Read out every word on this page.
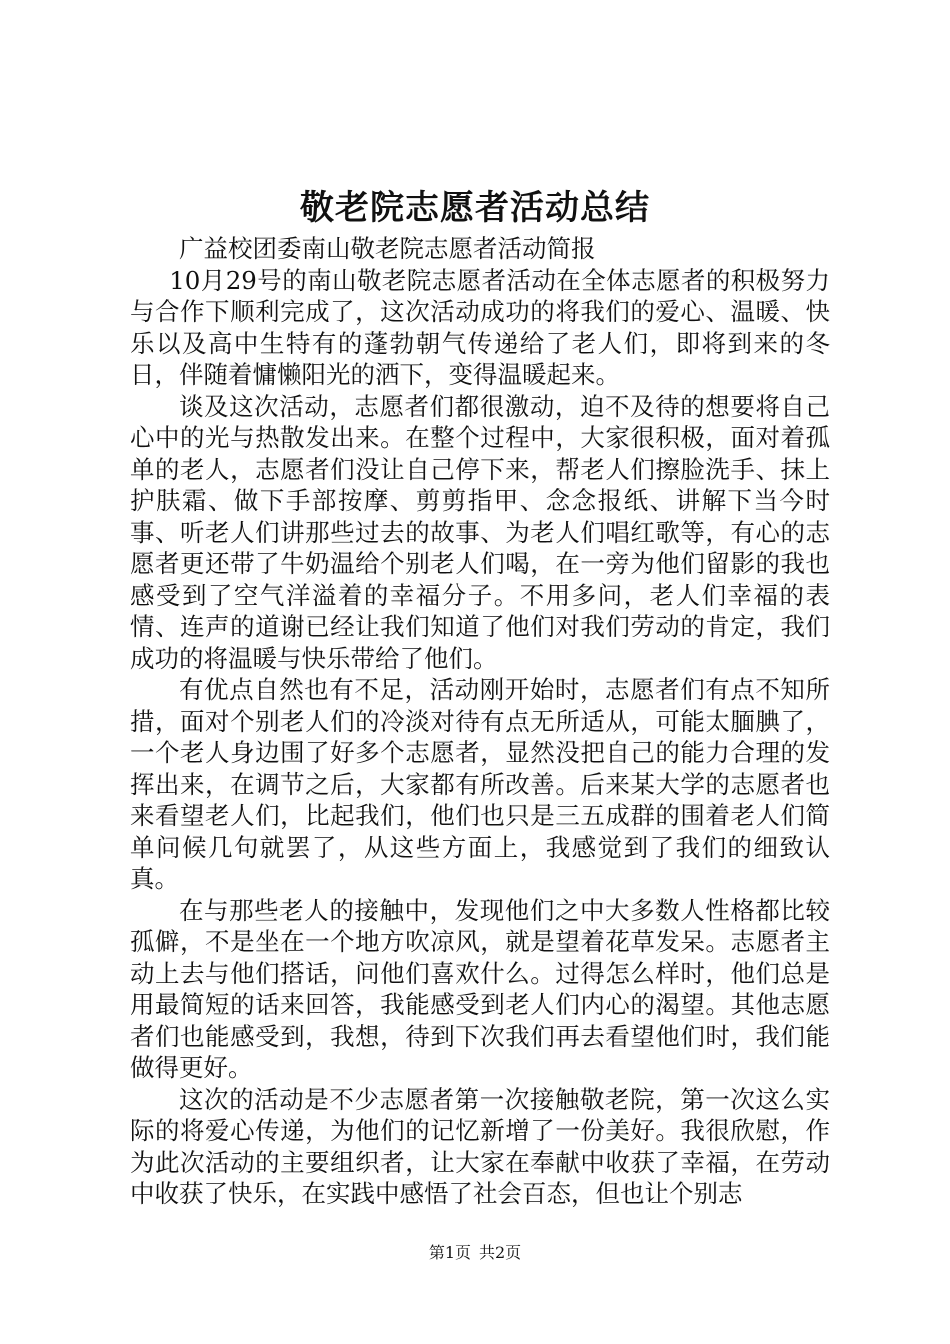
敬老院志愿者活动总结

广益校团委南山敬老院志愿者活动简报

10月29号的南山敬老院志愿者活动在全体志愿者的积极努力与合作下顺利完成了，这次活动成功的将我们的爱心、温暖、快乐以及高中生特有的蓬勃朝气传递给了老人们，即将到来的冬日，伴随着慵懒阳光的洒下，变得温暖起来。

谈及这次活动，志愿者们都很激动，迫不及待的想要将自己心中的光与热散发出来。在整个过程中，大家很积极，面对着孤单的老人，志愿者们没让自己停下来，帮老人们擦脸洗手、抹上护肤霜、做下手部按摩、剪剪指甲、念念报纸、讲解下当今时事、听老人们讲那些过去的故事、为老人们唱红歌等，有心的志愿者更还带了牛奶温给个别老人们喝，在一旁为他们留影的我也感受到了空气洋溢着的幸福分子。不用多问，老人们幸福的表情、连声的道谢已经让我们知道了他们对我们劳动的肯定，我们成功的将温暖与快乐带给了他们。

有优点自然也有不足，活动刚开始时，志愿者们有点不知所措，面对个别老人们的冷淡对待有点无所适从，可能太腼腆了，一个老人身边围了好多个志愿者，显然没把自己的能力合理的发挥出来，在调节之后，大家都有所改善。后来某大学的志愿者也来看望老人们，比起我们，他们也只是三五成群的围着老人们简单问候几句就罢了，从这些方面上，我感觉到了我们的细致认真。

在与那些老人的接触中，发现他们之中大多数人性格都比较孤僻，不是坐在一个地方吹凉风，就是望着花草发呆。志愿者主动上去与他们搭话，问他们喜欢什么。过得怎么样时，他们总是用最简短的话来回答，我能感受到老人们内心的渴望。其他志愿者们也能感受到，我想，待到下次我们再去看望他们时，我们能做得更好。

这次的活动是不少志愿者第一次接触敬老院，第一次这么实际的将爱心传递，为他们的记忆新增了一份美好。我很欣慰，作为此次活动的主要组织者，让大家在奉献中收获了幸福，在劳动中收获了快乐，在实践中感悟了社会百态，但也让个别志

第1页 共2页
